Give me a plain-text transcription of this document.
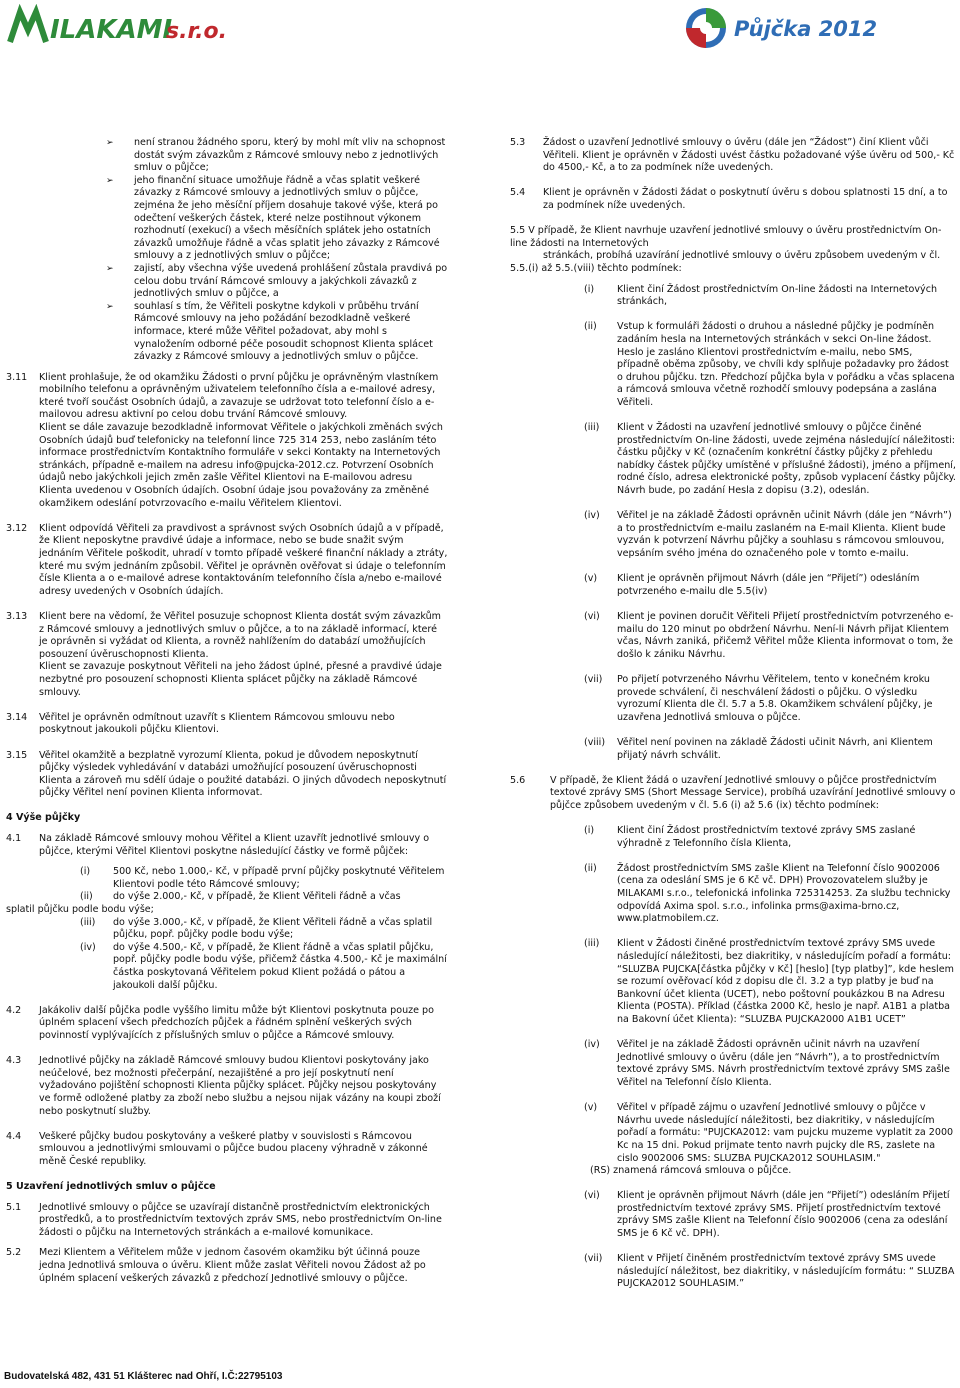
ILAKAMI
s.r.o.	Půjčka 2012

➢ není stranou žádného sporu, který by mohl mít vliv na schopnost dostát svým závazkům z Rámcové smlouvy nebo z jednotlivých smluv o půjčce;

➢ jeho finanční situace umožňuje řádně a včas splatit veškeré závazky z Rámcové smlouvy a jednotlivých smluv o půjčce, zejména že jeho měsíční příjem dosahuje takové výše, která po odečtení veškerých částek, které nelze postihnout výkonem rozhodnutí (exekucí) a všech měsíčních splátek jeho ostatních závazků umožňuje řádně a včas splatit jeho závazky z Rámcové smlouvy a z jednotlivých smluv o půjčce;

➢ zajistí, aby všechna výše uvedená prohlášení zůstala pravdivá po celou dobu trvání Rámcové smlouvy a jakýchkoli závazků z jednotlivých smluv o půjčce, a

➢ souhlasí s tím, že Věřiteli poskytne kdykoli v průběhu trvání Rámcové smlouvy na jeho požádání bezodkladně veškeré informace, které může Věřitel požadovat, aby mohl s vynaložením odborné péče posoudit schopnost Klienta splácet závazky z Rámcové smlouvy a jednotlivých smluv o půjčce.

3.11 Klient prohlašuje, že od okamžiku Žádosti o první půjčku je oprávněným vlastníkem mobilního telefonu a oprávněným uživatelem telefonního čísla a e-mailové adresy, které tvoří součást Osobních údajů, a zavazuje se udržovat toto telefonní číslo a e-mailovou adresu aktivní po celou dobu trvání Rámcové smlouvy.
Klient se dále zavazuje bezodkladně informovat Věřitele o jakýchkoli změnách svých Osobních údajů buď telefonicky na telefonní lince 725 314 253, nebo zasláním této informace prostřednictvím Kontaktního formuláře v sekci Kontakty na Internetových stránkách, případně e-mailem na adresu info@pujcka-2012.cz. Potvrzení Osobních údajů nebo jakýchkoli jejich změn zašle Věřitel Klientovi na E-mailovou adresu Klienta uvedenou v Osobních údajích. Osobní údaje jsou považovány za změněné okamžikem odeslání potvrzovacího e-mailu Věřitelem Klientovi.
3.12 Klient odpovídá Věřiteli za pravdivost a správnost svých Osobních údajů a v případě, že Klient neposkytne pravdivé údaje a informace, nebo se bude snažit svým jednáním Věřitele poškodit, uhradí v tomto případě veškeré finanční náklady a ztráty, které mu svým jednáním způsobil. Věřitel je oprávněn ověřovat si údaje o telefonním čísle Klienta a o e-mailové adrese kontaktováním telefonního čísla a/nebo e-mailové adresy uvedených v Osobních údajích.
3.13 Klient bere na vědomí, že Věřitel posuzuje schopnost Klienta dostát svým závazkům z Rámcové smlouvy a jednotlivých smluv o půjčce, a to na základě informací, které je oprávněn si vyžádat od Klienta, a rovněž nahlížením do databází umožňujících posouzení úvěruschopnosti Klienta.
Klient se zavazuje poskytnout Věřiteli na jeho žádost úplné, přesné a pravdivé údaje nezbytné pro posouzení schopnosti Klienta splácet půjčky na základě Rámcové smlouvy.
3.14 Věřitel je oprávněn odmítnout uzavřít s Klientem Rámcovou smlouvu nebo poskytnout jakoukoli půjčku Klientovi.
3.15 Věřitel okamžitě a bezplatně vyrozumí Klienta, pokud je důvodem neposkytnutí půjčky výsledek vyhledávání v databázi umožňující posouzení úvěruschopnosti Klienta a zároveň mu sdělí údaje o použité databázi. O jiných důvodech neposkytnutí půjčky Věřitel není povinen Klienta informovat.
4 Výše půjčky
4.1 Na základě Rámcové smlouvy mohou Věřitel a Klient uzavřít jednotlivé smlouvy o půjčce, kterými Věřitel Klientovi poskytne následující částky ve formě půjček:
(i) 500 Kč, nebo 1.000,- Kč, v případě první půjčky poskytnuté Věřitelem Klientovi podle této Rámcové smlouvy;
(ii) do výše 2.000,- Kč, v případě, že Klient Věřiteli řádně a včas
splatil půjčku podle bodu výše;
(iii) do výše 3.000,- Kč, v případě, že Klient Věřiteli řádně a včas splatil půjčku, popř. půjčky podle bodu výše;
(iv) do výše 4.500,- Kč, v případě, že Klient řádně a včas splatil půjčku, popř. půjčky podle bodu výše, přičemž částka 4.500,- Kč je maximální částka poskytovaná Věřitelem pokud Klient požádá o pátou a jakoukoli další půjčku.
4.2 Jakákoliv další půjčka podle vyššího limitu může být Klientovi poskytnuta pouze po úplném splacení všech předchozích půjček a řádném splnění veškerých svých povinností vyplývajících z příslušných smluv o půjčce a Rámcové smlouvy.
4.3 Jednotlivé půjčky na základě Rámcové smlouvy budou Klientovi poskytovány jako neúčelové, bez možnosti přečerpání, nezajištěné a pro její poskytnutí není vyžadováno pojištění schopnosti Klienta půjčky splácet. Půjčky nejsou poskytovány ve formě odložené platby za zboží nebo službu a nejsou nijak vázány na koupi zboží nebo poskytnutí služby.
4.4 Veškeré půjčky budou poskytovány a veškeré platby v souvislosti s Rámcovou smlouvou a jednotlivými smlouvami o půjčce budou placeny výhradně v zákonné měně České republiky.
5 Uzavření jednotlivých smluv o půjčce
5.1 Jednotlivé smlouvy o půjčce se uzavírají distančně prostřednictvím elektronických prostředků, a to prostřednictvím textových zpráv SMS, nebo prostřednictvím On-line žádosti o půjčku na Internetových stránkách a e-mailové komunikace.
5.2 Mezi Klientem a Věřitelem může v jednom časovém okamžiku být účinná pouze jedna Jednotlivá smlouva o úvěru. Klient může zaslat Věřiteli novou Žádost až po úplném splacení veškerých závazků z předchozí Jednotlivé smlouvy o půjčce.
5.3 Žádost o uzavření Jednotlivé smlouvy o úvěru (dále jen “Žádost”) činí Klient vůči Věřiteli. Klient je oprávněn v Žádosti uvést částku požadované výše úvěru od 500,- Kč do 4500,- Kč, a to za podmínek níže uvedených.
5.4 Klient je oprávněn v Žádosti žádat o poskytnutí úvěru s dobou splatnosti 15 dní, a to za podmínek níže uvedených.
5.5 V případě, že Klient navrhuje uzavření jednotlivé smlouvy o úvěru prostřednictvím On-line žádosti na Internetových
stránkách, probíhá uzavírání jednotlivé smlouvy o úvěru způsobem uvedeným v čl.
5.5.(i) až 5.5.(viii) těchto podmínek:
(i) Klient činí Žádost prostřednictvím On-line žádosti na Internetových stránkách,
(ii) Vstup k formuláři žádosti o druhou a následné půjčky je podmíněn zadáním hesla na Internetových stránkách v sekci On-line žádost. Heslo je zasláno Klientovi prostřednictvím e-mailu, nebo SMS, případně oběma způsoby, ve chvíli kdy splňuje požadavky pro žádost o druhou půjčku. tzn. Předchozí půjčka byla v pořádku a včas splacena a rámcová smlouva včetně rozhodčí smlouvy podepsána a zaslána Věřiteli.
(iii) Klient v Žádosti na uzavření jednotlivé smlouvy o půjčce činěné prostřednictvím On-line žádosti, uvede zejména následující náležitosti: částku půjčky v Kč (označením konkrétní částky půjčky z přehledu nabídky částek půjčky umístěné v příslušné žádosti), jméno a příjmení, rodné číslo, adresa elektronické pošty, způsob vyplacení částky půjčky. Návrh bude, po zadání Hesla z dopisu (3.2), odeslán.
(iv) Věřitel je na základě Žádosti oprávněn učinit Návrh (dále jen “Návrh”) a to prostřednictvím e-mailu zaslaném na E-mail Klienta. Klient bude vyzván k potvrzení Návrhu půjčky a souhlasu s rámcovou smlouvou, vepsáním svého jména do označeného pole v tomto e-mailu.
(v) Klient je oprávněn přijmout Návrh (dále jen “Přijetí”) odesláním potvrzeného e-mailu dle 5.5(iv)
(vi) Klient je povinen doručit Věřiteli Přijetí prostřednictvím potvrzeného e-mailu do 120 minut po obdržení Návrhu. Není-li Návrh přijat Klientem včas, Návrh zaniká, přičemž Věřitel může Klienta informovat o tom, že došlo k zániku Návrhu.
(vii) Po přijetí potvrzeného Návrhu Věřitelem, tento v konečném kroku provede schválení, či neschválení žádosti o půjčku. O výsledku vyrozumí Klienta dle čl. 5.7 a 5.8. Okamžikem schválení půjčky, je uzavřena Jednotlivá smlouva o půjčce.
(viii) Věřitel není povinen na základě Žádosti učinit Návrh, ani Klientem přijatý návrh schválit.
5.6	V případě, že Klient žádá o uzavření Jednotlivé smlouvy o půjčce prostřednictvím textové zprávy SMS (Short Message Service), probíhá uzavírání Jednotlivé smlouvy o půjčce způsobem uvedeným v čl. 5.6 (i) až 5.6 (ix) těchto podmínek:
(i) Klient činí Žádost prostřednictvím textové zprávy SMS zaslané výhradně z Telefonního čísla Klienta,
(ii) Žádost prostřednictvím SMS zašle Klient na Telefonní číslo 9002006 (cena za odeslání SMS je 6 Kč vč. DPH) Provozovatelem služby je MILAKAMI s.r.o., telefonická infolinka 725314253. Za službu technicky odpovídá Axima spol. s.r.o., infolinka prms@axima-brno.cz, www.platmobilem.cz.
(iii) Klient v Žádosti činěné prostřednictvím textové zprávy SMS uvede následující náležitosti, bez diakritiky, v následujícím pořadí a formátu: “SLUZBA PUJCKA[částka půjčky v Kč] [heslo] [typ platby]”, kde heslem se rozumí ověřovací kód z dopisu dle čl. 3.2 a typ platby je buď na Bankovní účet klienta (UCET), nebo poštovní poukázkou B na Adresu Klienta (POSTA). Příklad (částka 2000 Kč, heslo je např. A1B1 a platba na Bakovní účet Klienta): “SLUZBA PUJCKA2000 A1B1 UCET”
(iv) Věřitel je na základě Žádosti oprávněn učinit návrh na uzavření Jednotlivé smlouvy o úvěru (dále jen “Návrh”), a to prostřednictvím textové zprávy SMS. Návrh prostřednictvím textové zprávy SMS zašle Věřitel na Telefonní číslo Klienta.
(v) Věřitel v případě zájmu o uzavření Jednotlivé smlouvy o půjčce v Návrhu uvede následující náležitosti, bez diakritiky, v následujícím pořadí a formátu: "PUJCKA2012: vam pujcku muzeme vyplatit za 2000 Kc na 15 dni. Pokud prijmate tento navrh pujcky dle RS, zaslete na cislo 9002006 SMS: SLUZBA PUJCKA2012 SOUHLASIM."
(RS) znamená rámcová smlouva o půjčce.
(vi) Klient je oprávněn přijmout Návrh (dále jen “Přijetí”) odesláním Přijetí prostřednictvím textové zprávy SMS. Přijetí prostřednictvím textové zprávy SMS zašle Klient na Telefonní číslo 9002006 (cena za odeslání SMS je 6 Kč vč. DPH).
(vii) Klient v Přijetí činěném prostřednictvím textové zprávy SMS uvede následující náležitost, bez diakritiky, v následujícím formátu: “ SLUZBA PUJCKA2012 SOUHLASIM.”
Budovatelská 482, 431 51 Klášterec nad Ohří, I.Č:22795103
